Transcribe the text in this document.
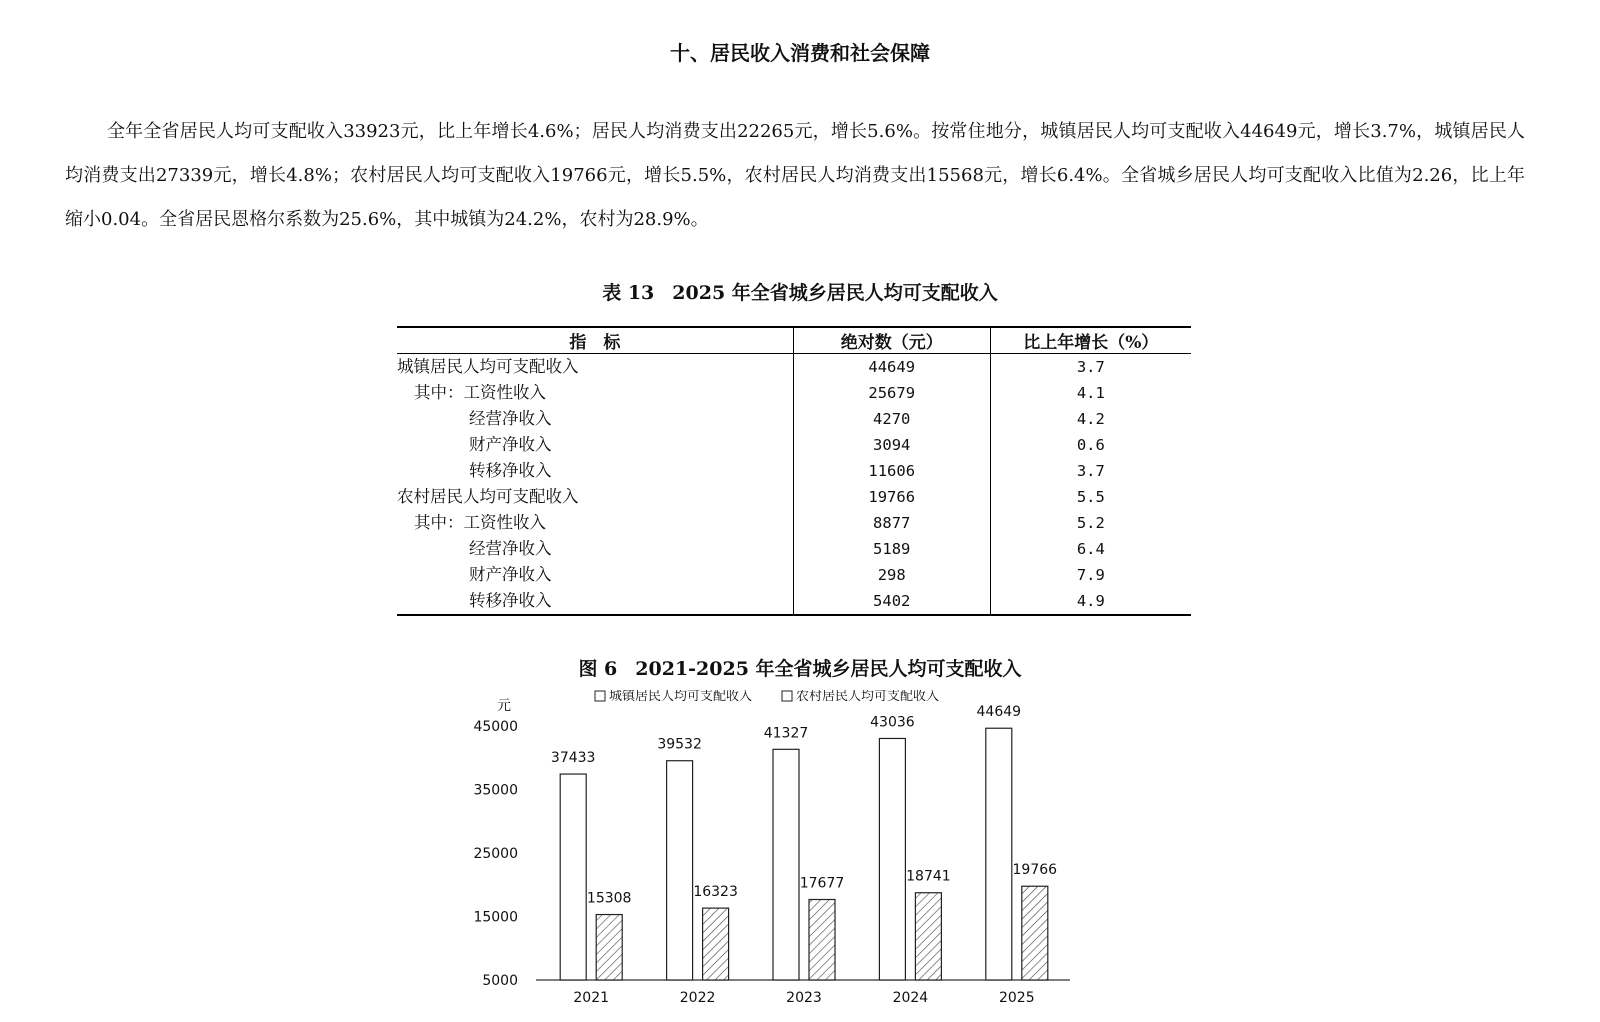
十、居民收入消费和社会保障

全年全省居民人均可支配收入33923元，比上年增长4.6%；居民人均消费支出22265元，增长5.6%。按常住地分，城镇居民人均可支配收入44649元，增长3.7%，城镇居民人均消费支出27339元，增长4.8%；农村居民人均可支配收入19766元，增长5.5%，农村居民人均消费支出15568元，增长6.4%。全省城乡居民人均可支配收入比值为2.26，比上年缩小0.04。全省居民恩格尔系数为25.6%，其中城镇为24.2%，农村为28.9%。

表 13 2025 年全省城乡居民人均可支配收入
指　标	绝对数（元）	比上年增长（%）
城镇居民人均可支配收入	44649	3.7
其中：工资性收入	25679	4.1
经营净收入	4270	4.2
财产净收入	3094	0.6
转移净收入	11606	3.7
农村居民人均可支配收入	19766	5.5
其中：工资性收入	8877	5.2
经营净收入	5189	6.4
财产净收入	298	7.9
转移净收入	5402	4.9
图 6 2021-2025 年全省城乡居民人均可支配收入
元
5000
15000
25000
35000
45000
城镇居民人均可支配收入	农村居民人均可支配收入
37433
15308
2021
39532
16323
2022
41327
17677
2023
43036
18741
2024
44649
19766
2025
